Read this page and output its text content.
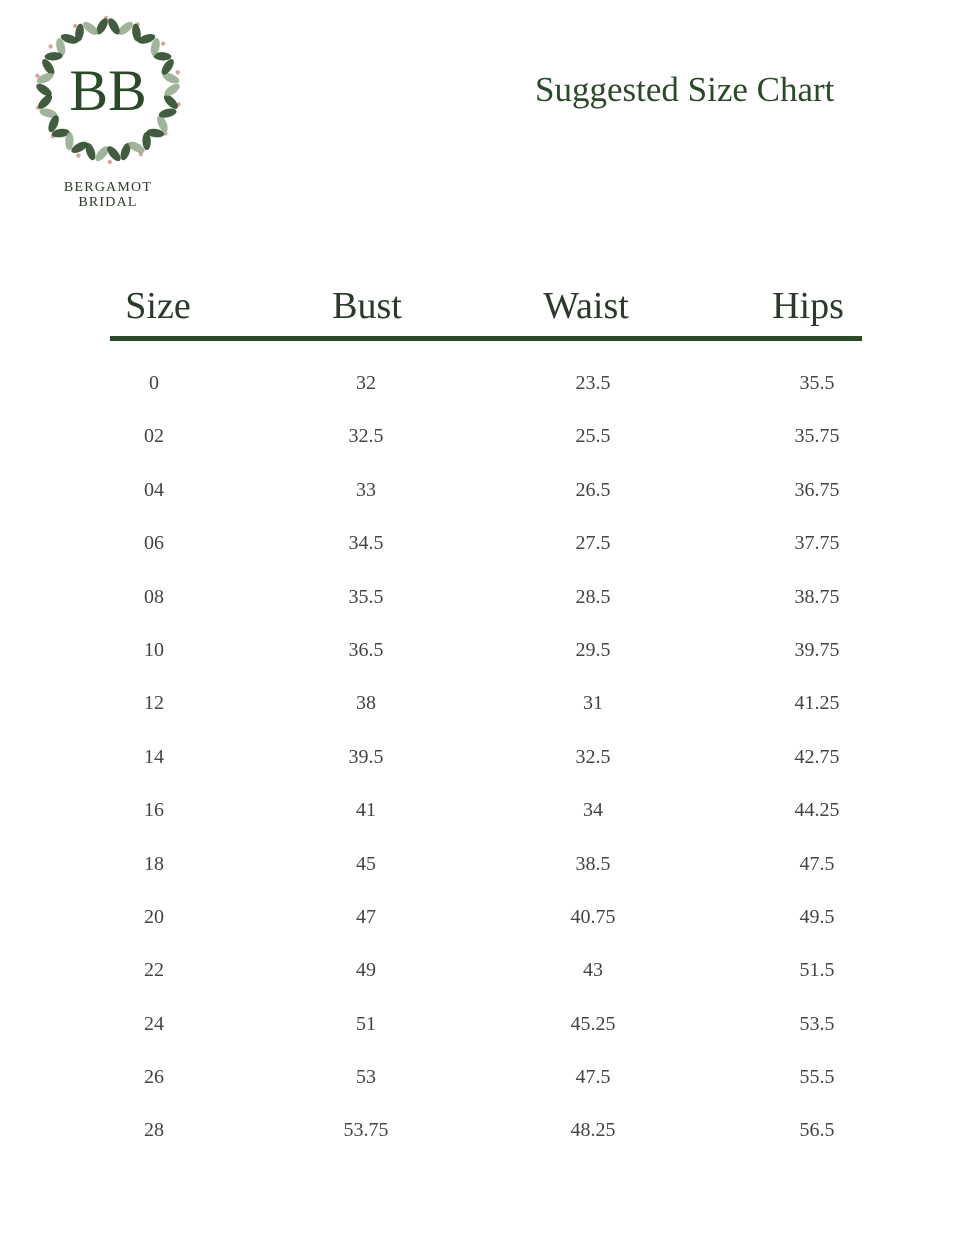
BB
BERGAMOT
BRIDAL
Suggested Size Chart
Size	Bust	Waist	Hips
0	32	23.5	35.5
02	32.5	25.5	35.75
04	33	26.5	36.75
06	34.5	27.5	37.75
08	35.5	28.5	38.75
10	36.5	29.5	39.75
12	38	31	41.25
14	39.5	32.5	42.75
16	41	34	44.25
18	45	38.5	47.5
20	47	40.75	49.5
22	49	43	51.5
24	51	45.25	53.5
26	53	47.5	55.5
28	53.75	48.25	56.5
